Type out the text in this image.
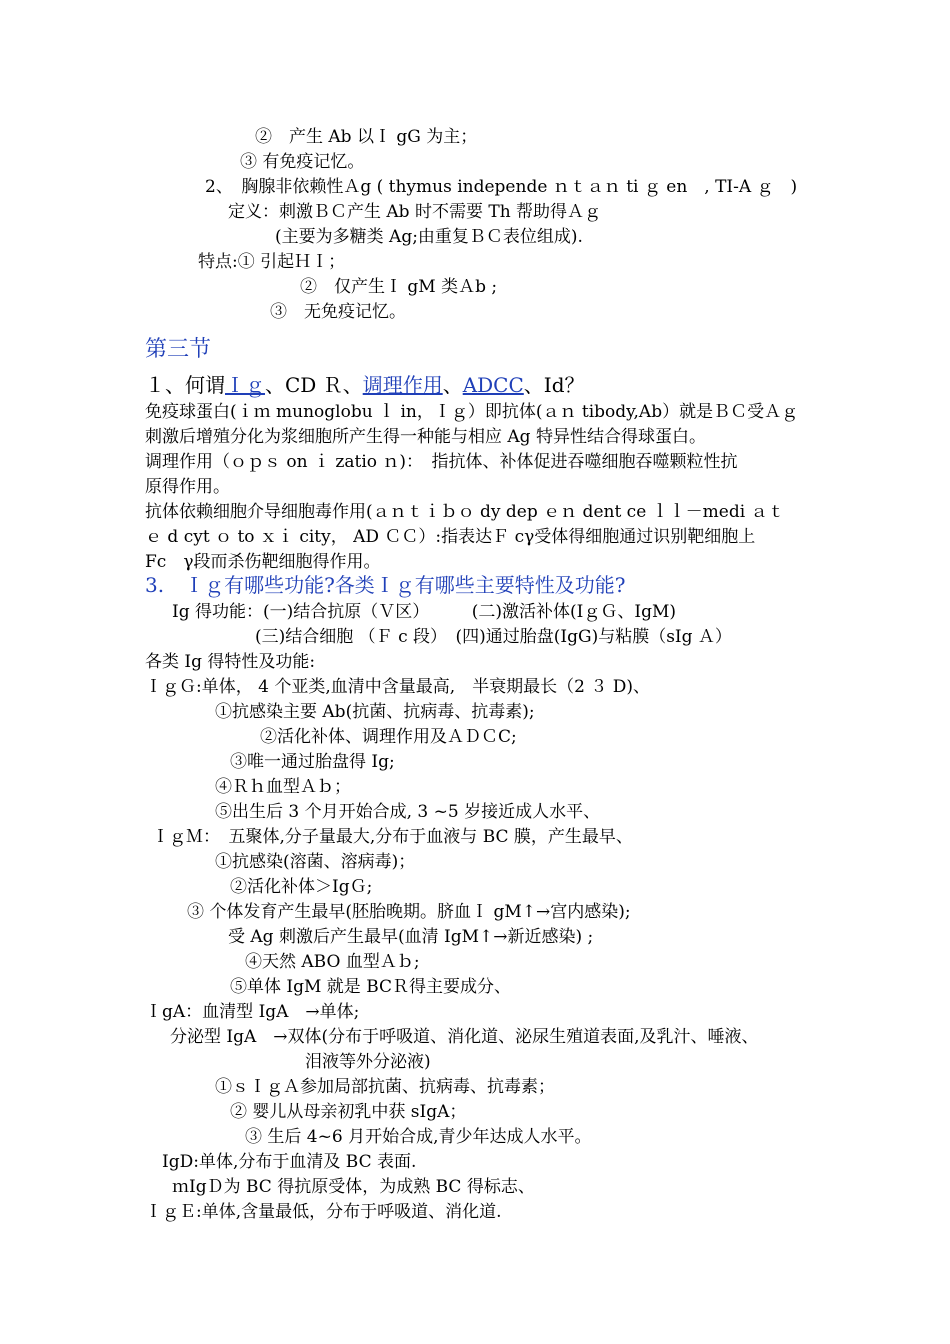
②　产生 Ab 以Ｉ gG 为主；
③ 有免疫记忆。
2、　胸腺非依赖性Ａg ( thymus independe ｎｔａｎ ti ｇ en　, TI-A ｇ　)
定义：刺激ＢＣ产生 Ab 时不需要 Th 帮助得Ａｇ
(主要为多糖类 Ag;由重复ＢＣ表位组成).
特点:① 引起ＨＩ；
②　仅产生Ｉ gM 类Ａb ;
③　无免疫记忆。
免疫球蛋白(ｉｍ munoglobu ｌ in，Ｉｇ）即抗体(ａｎ tibody,Ab）就是ＢＣ受Ａｇ
刺激后增殖分化为浆细胞所产生得一种能与相应 Ag 特异性结合得球蛋白。
调理作用（ｏｐｓ on ｉ zatio ｎ)：　指抗体、补体促进吞噬细胞吞噬颗粒性抗
原得作用。
抗体依赖细胞介导细胞毒作用(ａｎｔｉｂｏ dy dep ｅｎ dent ce ｌｌ－medi ａｔ
ｅ d cyt ｏ to ｘｉ city， AD ＣＣ）:指表达Ｆ cγ受体得细胞通过识别靶细胞上
Fc　γ段而杀伤靶细胞得作用。
Ig 得功能：(一)结合抗原（Ｖ区）　　　(二)激活补体(IｇＧ、IgM)
(三)结合细胞 （Ｆ c 段）　(四)通过胎盘(IgG)与粘膜（sIg Ａ）
各类 Ig 得特性及功能:
ＩｇＧ:单体， 4 个亚类,血清中含量最高,　半衰期最长（2 ３ D)、
①抗感染主要 Ab(抗菌、抗病毒、抗毒素);
②活化补体、调理作用及ＡＤＣC;
③唯一通过胎盘得 Ig;
④Ｒｈ血型Ａｂ；
⑤出生后 3 个月开始合成, 3 ~5 岁接近成人水平、
ＩｇＭ：　五聚体,分子量最大,分布于血液与 BC 膜，产生最早、
①抗感染(溶菌、溶病毒)；
②活化补体＞IgＧ;
③ 个体发育产生最早(胚胎晚期。脐血Ｉ gM↑→宫内感染);
受 Ag 刺激后产生最早(血清 IgM↑→新近感染) ;
④天然 ABO 血型Ａｂ;
⑤单体 IgM 就是 BCＲ得主要成分、
ＩgA：血清型 IgA　→单体;
分泌型 IgA　→双体(分布于呼吸道、消化道、泌尿生殖道表面,及乳汁、唾液、
泪液等外分泌液)
①ｓＩｇＡ参加局部抗菌、抗病毒、抗毒素；
② 婴儿从母亲初乳中获 sIgA；
③ 生后 4~6 月开始合成,青少年达成人水平。
IgD:单体,分布于血清及 BC 表面.
ｍIgＤ为 BC 得抗原受体，为成熟 BC 得标志、
ＩｇＥ:单体,含量最低，分布于呼吸道、消化道.
第三节
１、何谓Ｉｇ、CD Ｒ、调理作用、ADCC、Id？
3.　Ｉｇ有哪些功能?各类Ｉｇ有哪些主要特性及功能?
